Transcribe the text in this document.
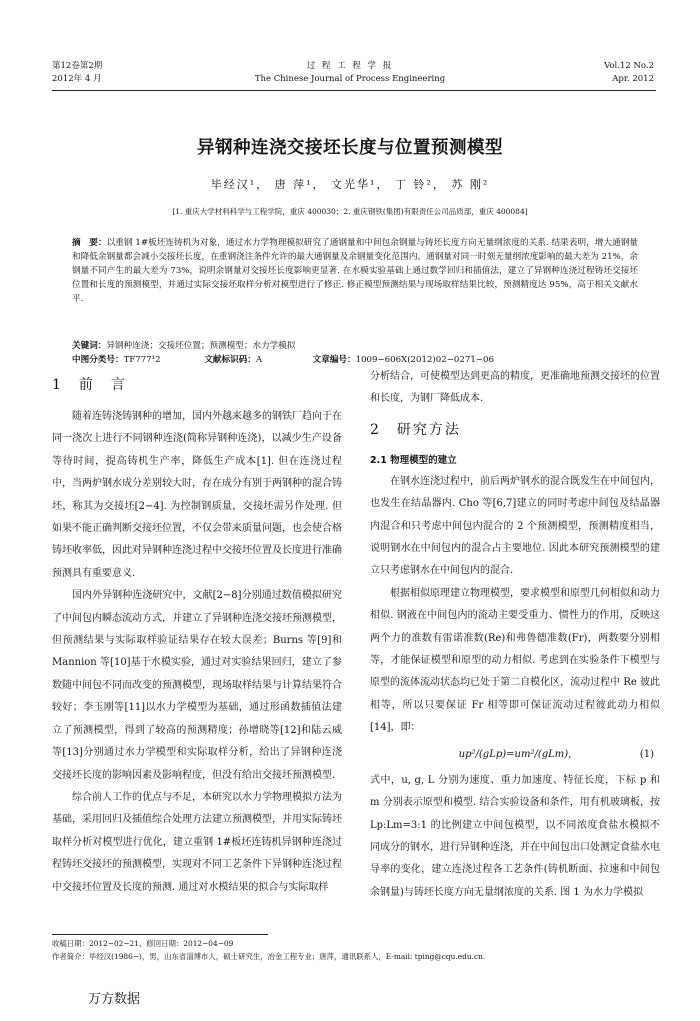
第12卷第2期
2012年 4 月
过 程 工 程 学 报
The Chinese Journal of Process Engineering
Vol.12 No.2
Apr. 2012
异钢种连浇交接坯长度与位置预测模型
毕经汉¹， 唐 萍¹， 文光华¹， 丁 铃²， 苏 刚²
[1. 重庆大学材料科学与工程学院，重庆 400030；2. 重庆钢铁(集团)有限责任公司品质部，重庆 400084]
摘　要：以重钢 1#板坯连铸机为对象，通过水力学物理模拟研究了通钢量和中间包余钢量与铸坯长度方向无量纲浓度的关系. 结果表明，增大通钢量和降低余钢量都会减小交接坯长度，在重钢浇注条件允许的最大通钢量及余钢量变化范围内，通钢量对同一时刻无量纲浓度影响的最大差为 21%，余钢量不同产生的最大差为 73%，说明余钢量对交接坯长度影响更显著. 在水模实验基础上通过数学回归和插值法，建立了异钢种连浇过程铸坯交接坯位置和长度的预测模型，并通过实际交接坯取样分析对模型进行了修正. 修正模型预测结果与现场取样结果比较，预测精度达 95%，高于相关文献水平.
关键词：异钢种连浇；交接坯位置；预测模型；水力学模拟
中图分类号：TF777¹2	文献标识码：A	文章编号：1009−606X(2012)02−0271−06
1　前　言

随着连铸浇铸钢种的增加，国内外越来越多的钢铁厂趋向于在同一浇次上进行不同钢种连浇(简称异钢种连浇)，以减少生产设备等待时间，提高铸机生产率，降低生产成本[1]. 但在连浇过程中，当两炉钢水成分差别较大时，存在成分有别于两钢种的混合铸坯，称其为交接坯[2−4]. 为控制钢质量，交接坯需另作处理. 但如果不能正确判断交接坯位置，不仅会带来质量问题，也会使合格铸坯收率低，因此对异钢种连浇过程中交接坯位置及长度进行准确预测具有重要意义.

国内外异钢种连浇研究中，文献[2−8]分别通过数值模拟研究了中间包内瞬态流动方式，并建立了异钢种连浇交接坯预测模型，但预测结果与实际取样验证结果存在较大误差；Burns 等[9]和 Mannion 等[10]基于水模实验，通过对实验结果回归，建立了参数随中间包不同而改变的预测模型，现场取样结果与计算结果符合较好；李玉刚等[11]以水力学模型为基础，通过形函数插值法建立了预测模型，得到了较高的预测精度；孙增晓等[12]和陆云威等[13]分别通过水力学模型和实际取样分析，给出了异钢种连浇交接坯长度的影响因素及影响程度，但没有给出交接坯预测模型.

综合前人工作的优点与不足，本研究以水力学物理模拟方法为基础，采用回归及插值综合处理方法建立预测模型，并用实际铸坯取样分析对模型进行优化，建立重钢 1#板坯连铸机异钢种连浇过程铸坯交接坯的预测模型，实现对不同工艺条件下异钢种连浇过程中交接坯位置及长度的预测. 通过对水模结果的拟合与实际取样

分析结合，可使模型达到更高的精度，更准确地预测交接坯的位置和长度，为钢厂降低成本.

2　研究方法
2.1 物理模型的建立

在钢水连浇过程中，前后两炉钢水的混合既发生在中间包内，也发生在结晶器内. Cho 等[6,7]建立的同时考虑中间包及结晶器内混合和只考虑中间包内混合的 2 个预测模型，预测精度相当，说明钢水在中间包内的混合占主要地位. 因此本研究预测模型的建立只考虑钢水在中间包内的混合.

根据相似原理建立物理模型，要求模型和原型几何相似和动力相似. 钢液在中间包内的流动主要受重力、惯性力的作用，反映这两个力的准数有雷诺准数(Re)和弗鲁德准数(Fr)，两数要分别相等，才能保证模型和原型的动力相似. 考虑到在实验条件下模型与原型的流体流动状态均已处于第二自模化区，流动过程中 Re 彼此相等，所以只要保证 Fr 相等即可保证流动过程彼此动力相似[14]，即：

up²/(gLp)=um²/(gLm),	(1)

式中，u, g, L 分别为速度、重力加速度、特征长度，下标 p 和 m 分别表示原型和模型. 结合实验设备和条件，用有机玻璃板，按 Lp:Lm=3:1 的比例建立中间包模型，以不同浓度食盐水模拟不同成分的钢水，进行异钢种连浇，并在中间包出口处测定食盐水电导率的变化，建立连浇过程各工艺条件(铸机断面、拉速和中间包余钢量)与铸坯长度方向无量纲浓度的关系. 图 1 为水力学模拟

收稿日期：2012−02−21，修回日期：2012−04−09
作者简介：毕经汉(1986−)，男，山东省淄博市人，硕士研究生，冶金工程专业；唐萍，通讯联系人，E-mail: tping@cqu.edu.cn.
万方数据
